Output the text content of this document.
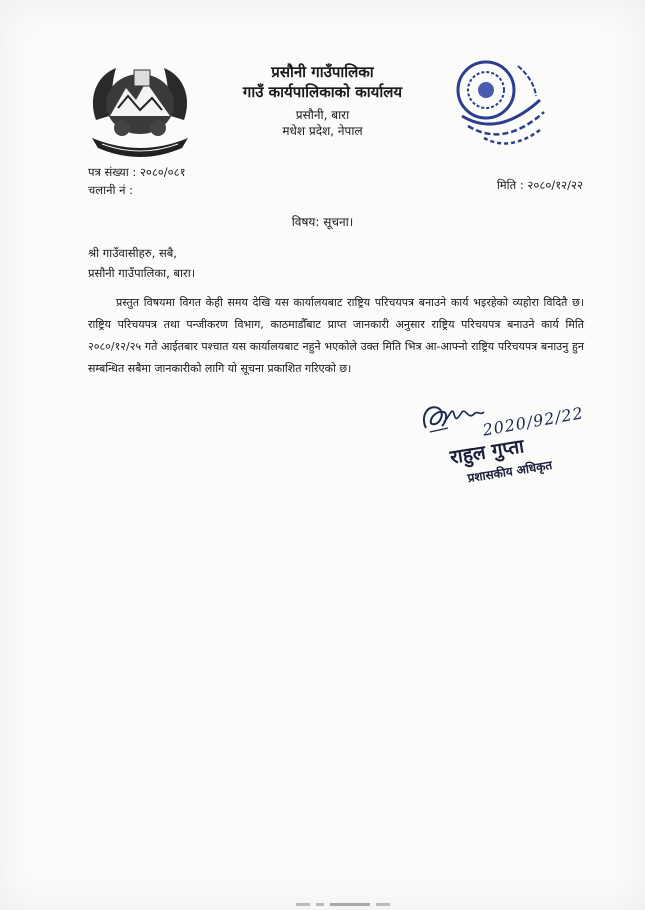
प्रसौनी गाउँपालिका
गाउँ कार्यपालिकाको कार्यालय
प्रसौनी, बारा
मधेश प्रदेश, नेपाल
पत्र संख्या : २०८०/०८१
चलानी नं :	मिति : २०८०/१२/२२
विषय: सूचना।
श्री गाउँवासीहरु, सबै,
प्रसौनी गाउँपालिका, बारा।
प्रस्तुत विषयमा विगत केही समय देखि यस कार्यालयबाट राष्ट्रिय परिचयपत्र बनाउने कार्य भइरहेको व्यहोरा विदितै छ। राष्ट्रिय परिचयपत्र तथा पन्जीकरण विभाग, काठमाडौँबाट प्राप्त जानकारी अनुसार राष्ट्रिय परिचयपत्र बनाउने कार्य मिति २०८०/१२/२५ गते आईतबार पश्चात यस कार्यालयबाट नहुने भएकोले उक्त मिति भित्र आ-आफ्नो राष्ट्रिय परिचयपत्र बनाउनु हुन सम्बन्धित सबैमा जानकारीको लागि यो सूचना प्रकाशित गरिएको छ।
2020/92/22
राहुल गुप्ता
प्रशासकीय अधिकृत
